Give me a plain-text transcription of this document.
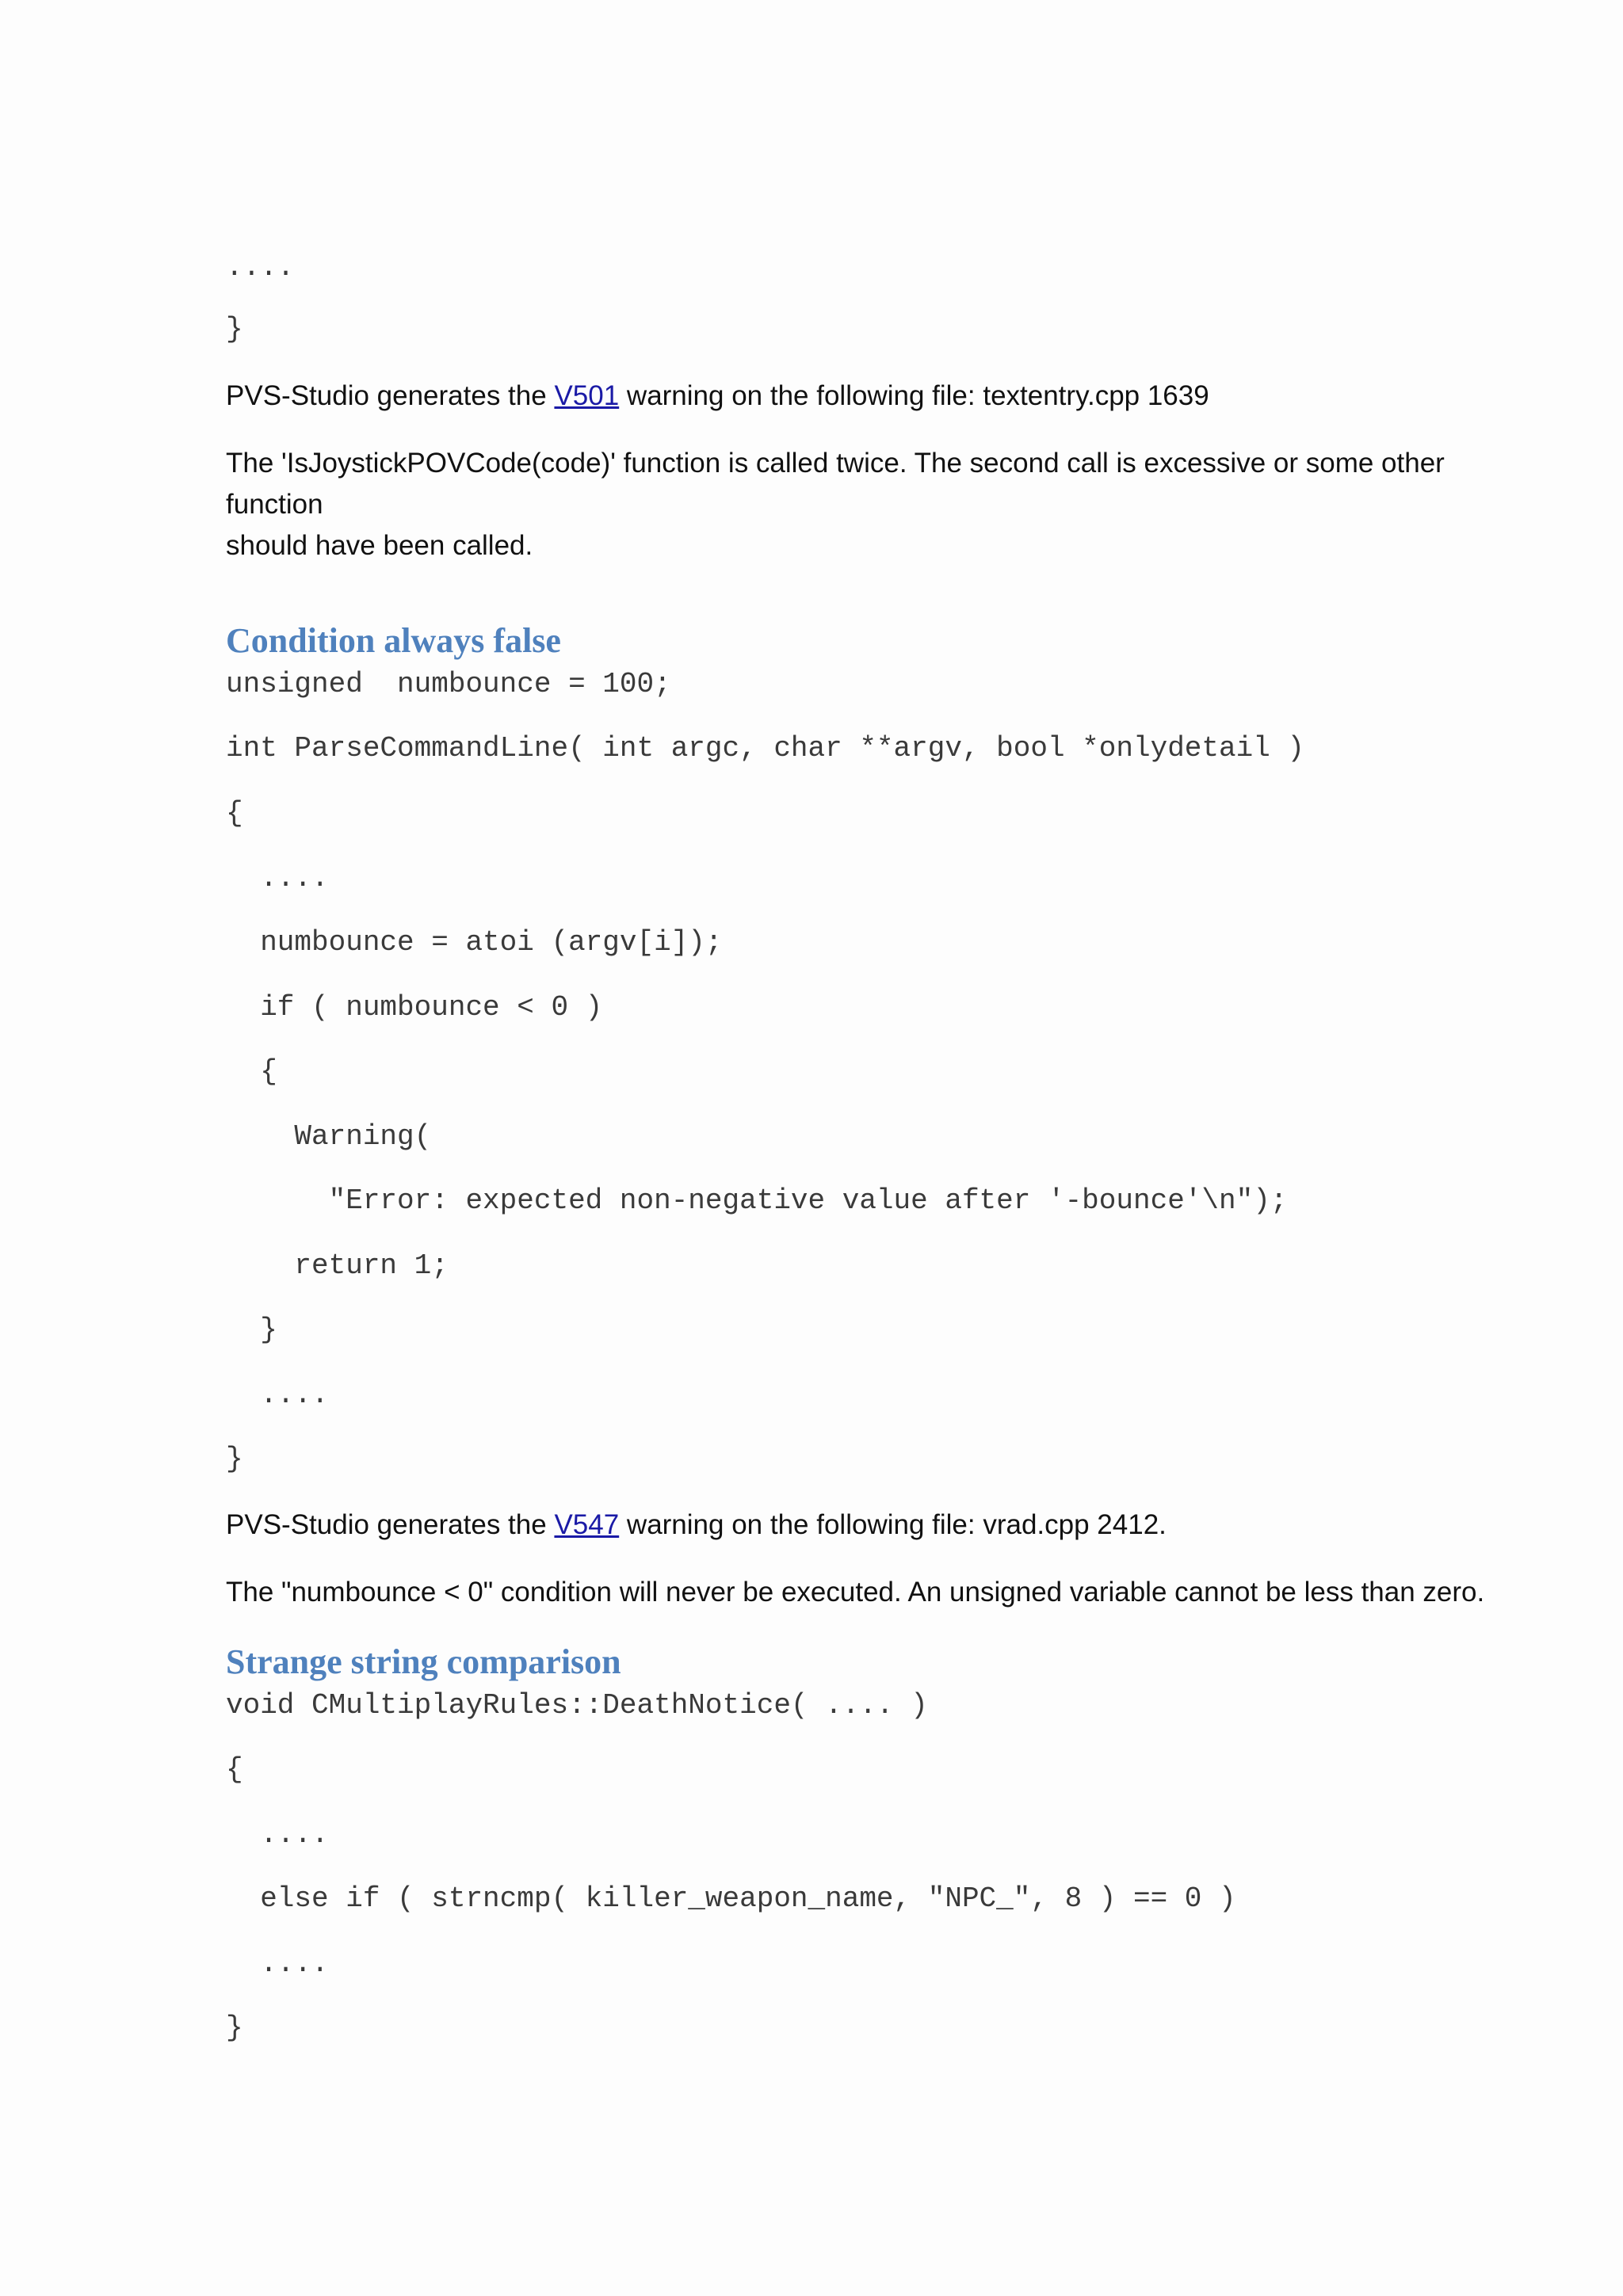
....
}
PVS-Studio generates the V501 warning on the following file: textentry.cpp 1639
The 'IsJoystickPOVCode(code)' function is called twice. The second call is excessive or some other function
should have been called.
Condition always false
unsigned  numbounce = 100;
int ParseCommandLine( int argc, char **argv, bool *onlydetail )
{
....
numbounce = atoi (argv[i]);
if ( numbounce < 0 )
{
Warning(
"Error: expected non-negative value after '-bounce'\n");
return 1;
}
....
}
PVS-Studio generates the V547 warning on the following file: vrad.cpp 2412.
The "numbounce < 0" condition will never be executed. An unsigned variable cannot be less than zero.
Strange string comparison
void CMultiplayRules::DeathNotice( .... )
{
....
else if ( strncmp( killer_weapon_name, "NPC_", 8 ) == 0 )
....
}
